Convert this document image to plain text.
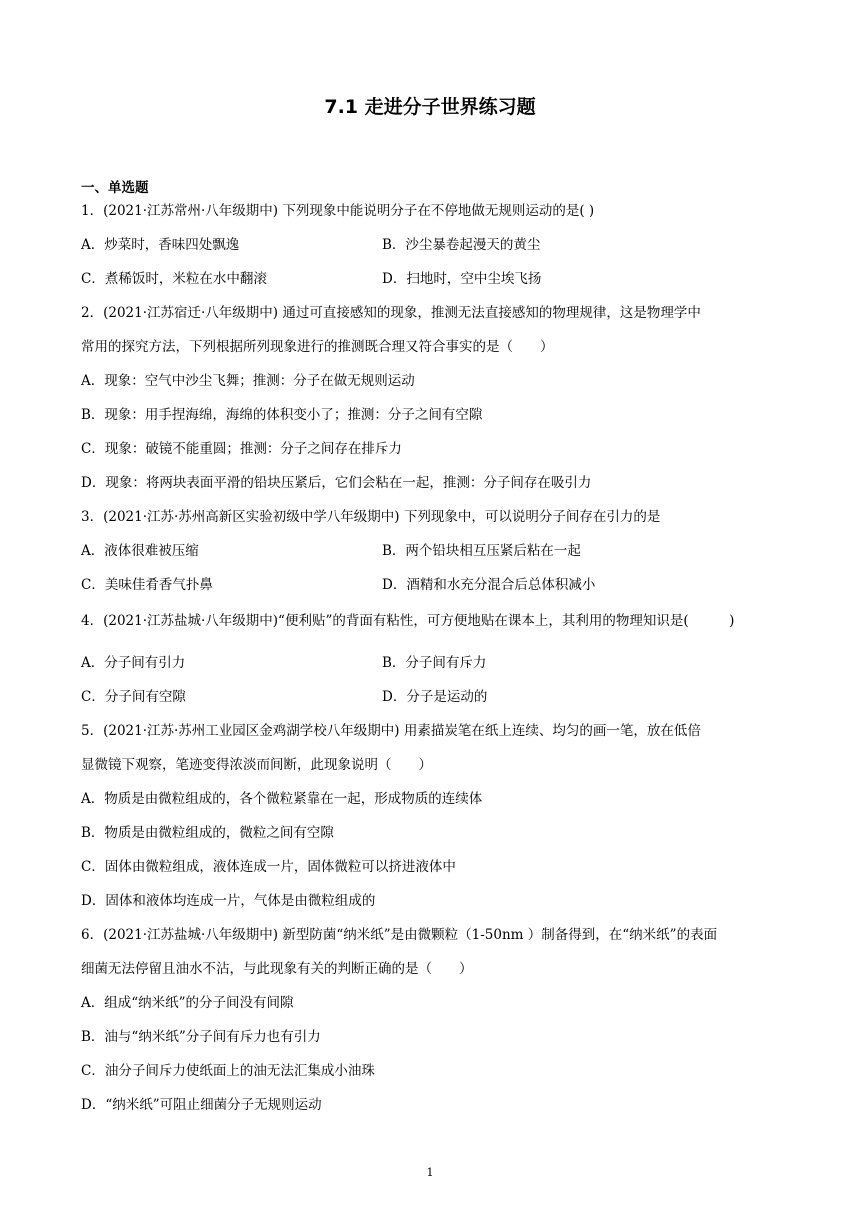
7.1 走进分子世界练习题
一、单选题
1．(2021·江苏常州·八年级期中) 下列现象中能说明分子在不停地做无规则运动的是( )
A．炒菜时，香味四处飘逸	B．沙尘暴卷起漫天的黄尘
C．煮稀饭时，米粒在水中翻滚	D．扫地时，空中尘埃飞扬
2．(2021·江苏宿迁·八年级期中) 通过可直接感知的现象，推测无法直接感知的物理规律，这是物理学中
常用的探究方法，下列根据所列现象进行的推测既合理又符合事实的是（　　）
A．现象：空气中沙尘飞舞；推测：分子在做无规则运动
B．现象：用手捏海绵，海绵的体积变小了；推测：分子之间有空隙
C．现象：破镜不能重圆；推测：分子之间存在排斥力
D．现象：将两块表面平滑的铅块压紧后，它们会粘在一起，推测：分子间存在吸引力
3．(2021·江苏·苏州高新区实验初级中学八年级期中) 下列现象中，可以说明分子间存在引力的是
A．液体很难被压缩	B．两个铅块相互压紧后粘在一起
C．美味佳肴香气扑鼻	D．酒精和水充分混合后总体积减小
4．(2021·江苏盐城·八年级期中)“便利贴”的背面有粘性，可方便地贴在课本上，其利用的物理知识是(　　　)
A．分子间有引力	B．分子间有斥力
C．分子间有空隙	D．分子是运动的
5．(2021·江苏·苏州工业园区金鸡湖学校八年级期中) 用素描炭笔在纸上连续、均匀的画一笔，放在低倍
显微镜下观察，笔迹变得浓淡而间断，此现象说明（　　）
A．物质是由微粒组成的，各个微粒紧靠在一起，形成物质的连续体
B．物质是由微粒组成的，微粒之间有空隙
C．固体由微粒组成，液体连成一片，固体微粒可以挤进液体中
D．固体和液体均连成一片，气体是由微粒组成的
6．(2021·江苏盐城·八年级期中) 新型防菌“纳米纸”是由微颗粒（1-50nm ）制备得到，在“纳米纸”的表面
细菌无法停留且油水不沾，与此现象有关的判断正确的是（　　）
A．组成“纳米纸”的分子间没有间隙
B．油与“纳米纸”分子间有斥力也有引力
C．油分子间斥力使纸面上的油无法汇集成小油珠
D．“纳米纸”可阻止细菌分子无规则运动
1
